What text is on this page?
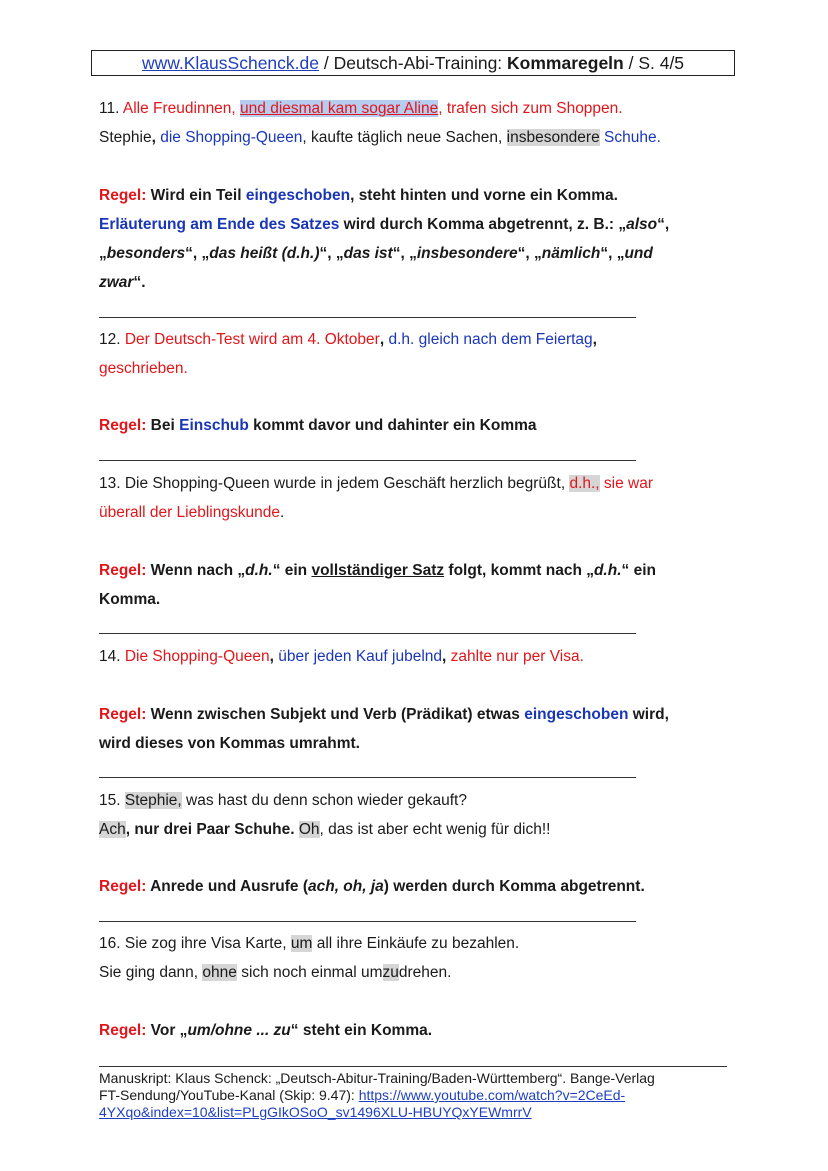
www.KlausSchenck.de / Deutsch-Abi-Training: Kommaregeln / S. 4/5
11. Alle Freudinnen, und diesmal kam sogar Aline, trafen sich zum Shoppen.
Stephie, die Shopping-Queen, kaufte täglich neue Sachen, insbesondere Schuhe.
Regel: Wird ein Teil eingeschoben, steht hinten und vorne ein Komma.
Erläuterung am Ende des Satzes wird durch Komma abgetrennt, z. B.: „also“,
„besonders“, „das heißt (d.h.)“, „das ist“, „insbesondere“, „nämlich“, „und
zwar“.
12. Der Deutsch-Test wird am 4. Oktober, d.h. gleich nach dem Feiertag,
geschrieben.
Regel: Bei Einschub kommt davor und dahinter ein Komma
13. Die Shopping-Queen wurde in jedem Geschäft herzlich begrüßt, d.h., sie war
überall der Lieblingskunde.
Regel: Wenn nach „d.h.“ ein vollständiger Satz folgt, kommt nach „d.h.“ ein
Komma.
14. Die Shopping-Queen, über jeden Kauf jubelnd, zahlte nur per Visa.
Regel: Wenn zwischen Subjekt und Verb (Prädikat) etwas eingeschoben wird,
wird dieses von Kommas umrahmt.
15. Stephie, was hast du denn schon wieder gekauft?
Ach, nur drei Paar Schuhe. Oh, das ist aber echt wenig für dich!!
Regel: Anrede und Ausrufe (ach, oh, ja) werden durch Komma abgetrennt.
16. Sie zog ihre Visa Karte, um all ihre Einkäufe zu bezahlen.
Sie ging dann, ohne sich noch einmal umzudrehen.
Regel: Vor „um/ohne ... zu“ steht ein Komma.
Manuskript: Klaus Schenck: „Deutsch-Abitur-Training/Baden-Württemberg“. Bange-Verlag
FT-Sendung/YouTube-Kanal (Skip: 9.47): https://www.youtube.com/watch?v=2CeEd-
4YXqo&index=10&list=PLgGIkOSoO_sv1496XLU-HBUYQxYEWmrrV
